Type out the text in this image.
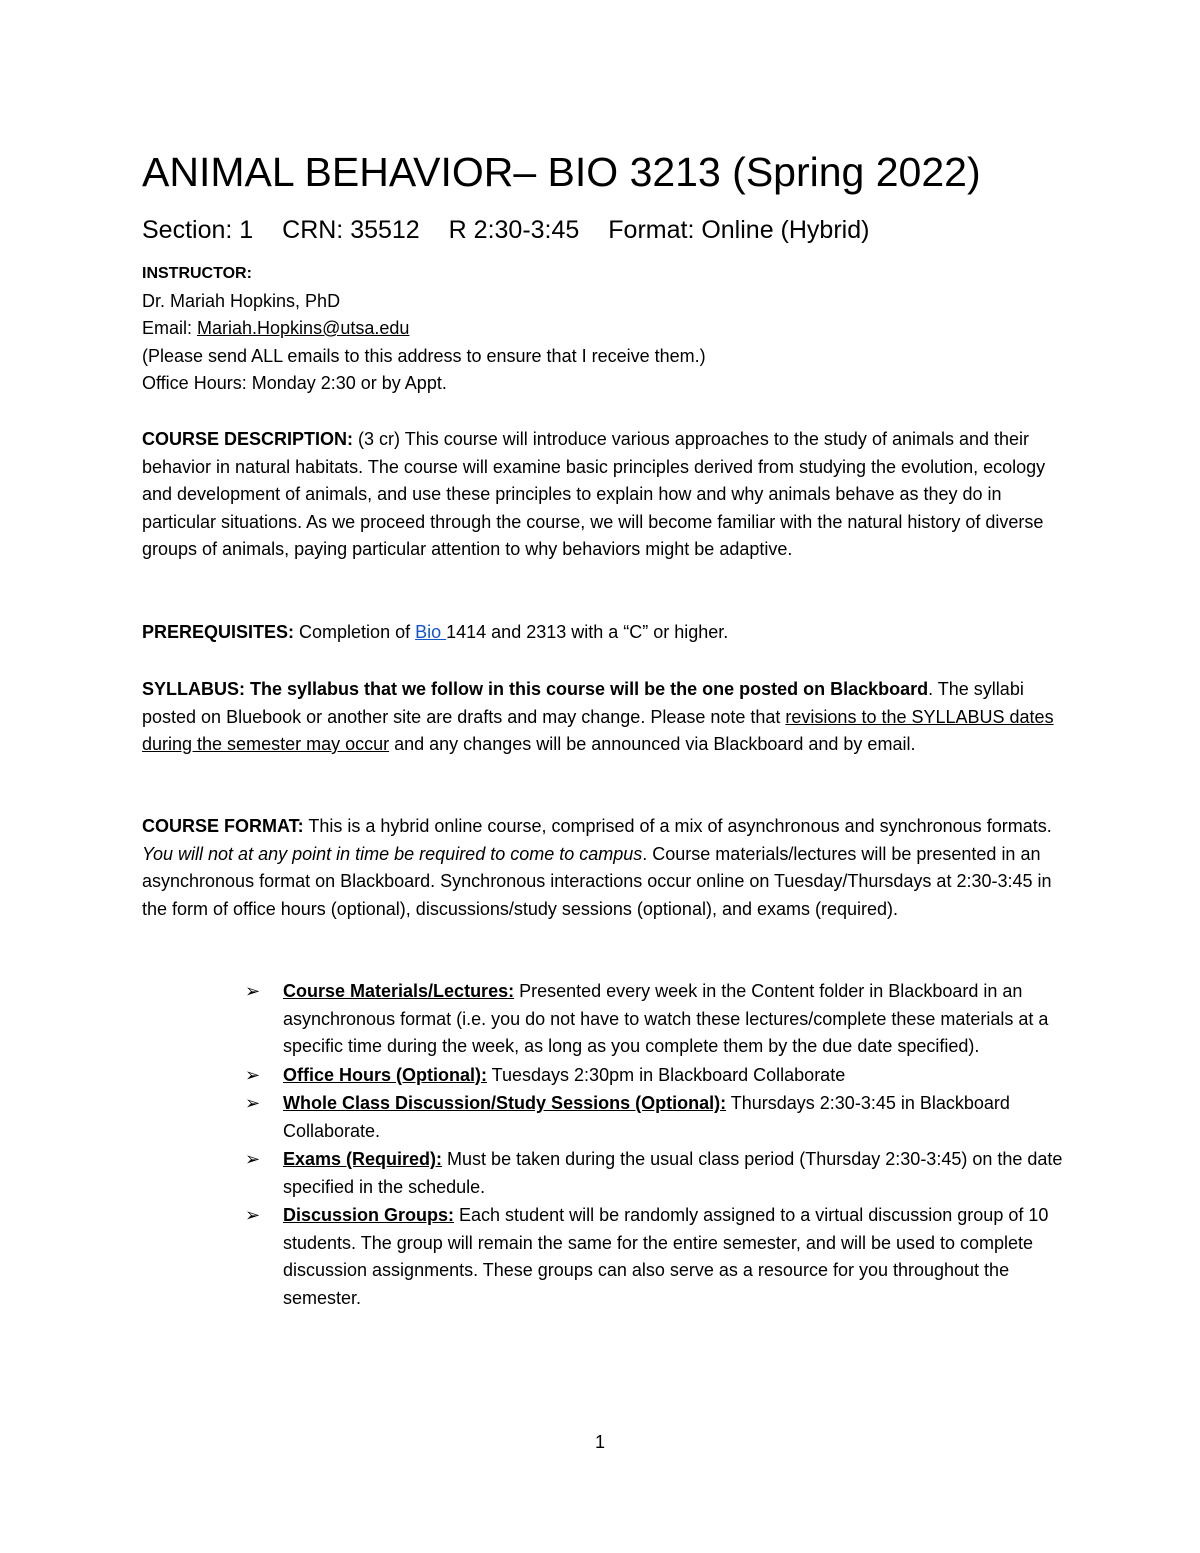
ANIMAL BEHAVIOR– BIO 3213 (Spring 2022)
Section: 1 CRN: 35512 R 2:30-3:45 Format: Online (Hybrid)
INSTRUCTOR:
Dr. Mariah Hopkins, PhD
Email: Mariah.Hopkins@utsa.edu
(Please send ALL emails to this address to ensure that I receive them.)
Office Hours: Monday 2:30 or by Appt.
COURSE DESCRIPTION: (3 cr) This course will introduce various approaches to the study of animals and their behavior in natural habitats. The course will examine basic principles derived from studying the evolution, ecology and development of animals, and use these principles to explain how and why animals behave as they do in particular situations. As we proceed through the course, we will become familiar with the natural history of diverse groups of animals, paying particular attention to why behaviors might be adaptive.
PREREQUISITES: Completion of Bio 1414 and 2313 with a “C” or higher.
SYLLABUS: The syllabus that we follow in this course will be the one posted on Blackboard. The syllabi posted on Bluebook or another site are drafts and may change. Please note that revisions to the SYLLABUS dates during the semester may occur and any changes will be announced via Blackboard and by email.
COURSE FORMAT: This is a hybrid online course, comprised of a mix of asynchronous and synchronous formats. You will not at any point in time be required to come to campus. Course materials/lectures will be presented in an asynchronous format on Blackboard. Synchronous interactions occur online on Tuesday/Thursdays at 2:30-3:45 in the form of office hours (optional), discussions/study sessions (optional), and exams (required).
➢	Course Materials/Lectures: Presented every week in the Content folder in Blackboard in an asynchronous format (i.e. you do not have to watch these lectures/complete these materials at a specific time during the week, as long as you complete them by the due date specified).
➢	Office Hours (Optional): Tuesdays 2:30pm in Blackboard Collaborate
➢	Whole Class Discussion/Study Sessions (Optional): Thursdays 2:30-3:45 in Blackboard Collaborate.
➢	Exams (Required): Must be taken during the usual class period (Thursday 2:30-3:45) on the date specified in the schedule.
➢	Discussion Groups: Each student will be randomly assigned to a virtual discussion group of 10 students. The group will remain the same for the entire semester, and will be used to complete discussion assignments. These groups can also serve as a resource for you throughout the semester.
1
